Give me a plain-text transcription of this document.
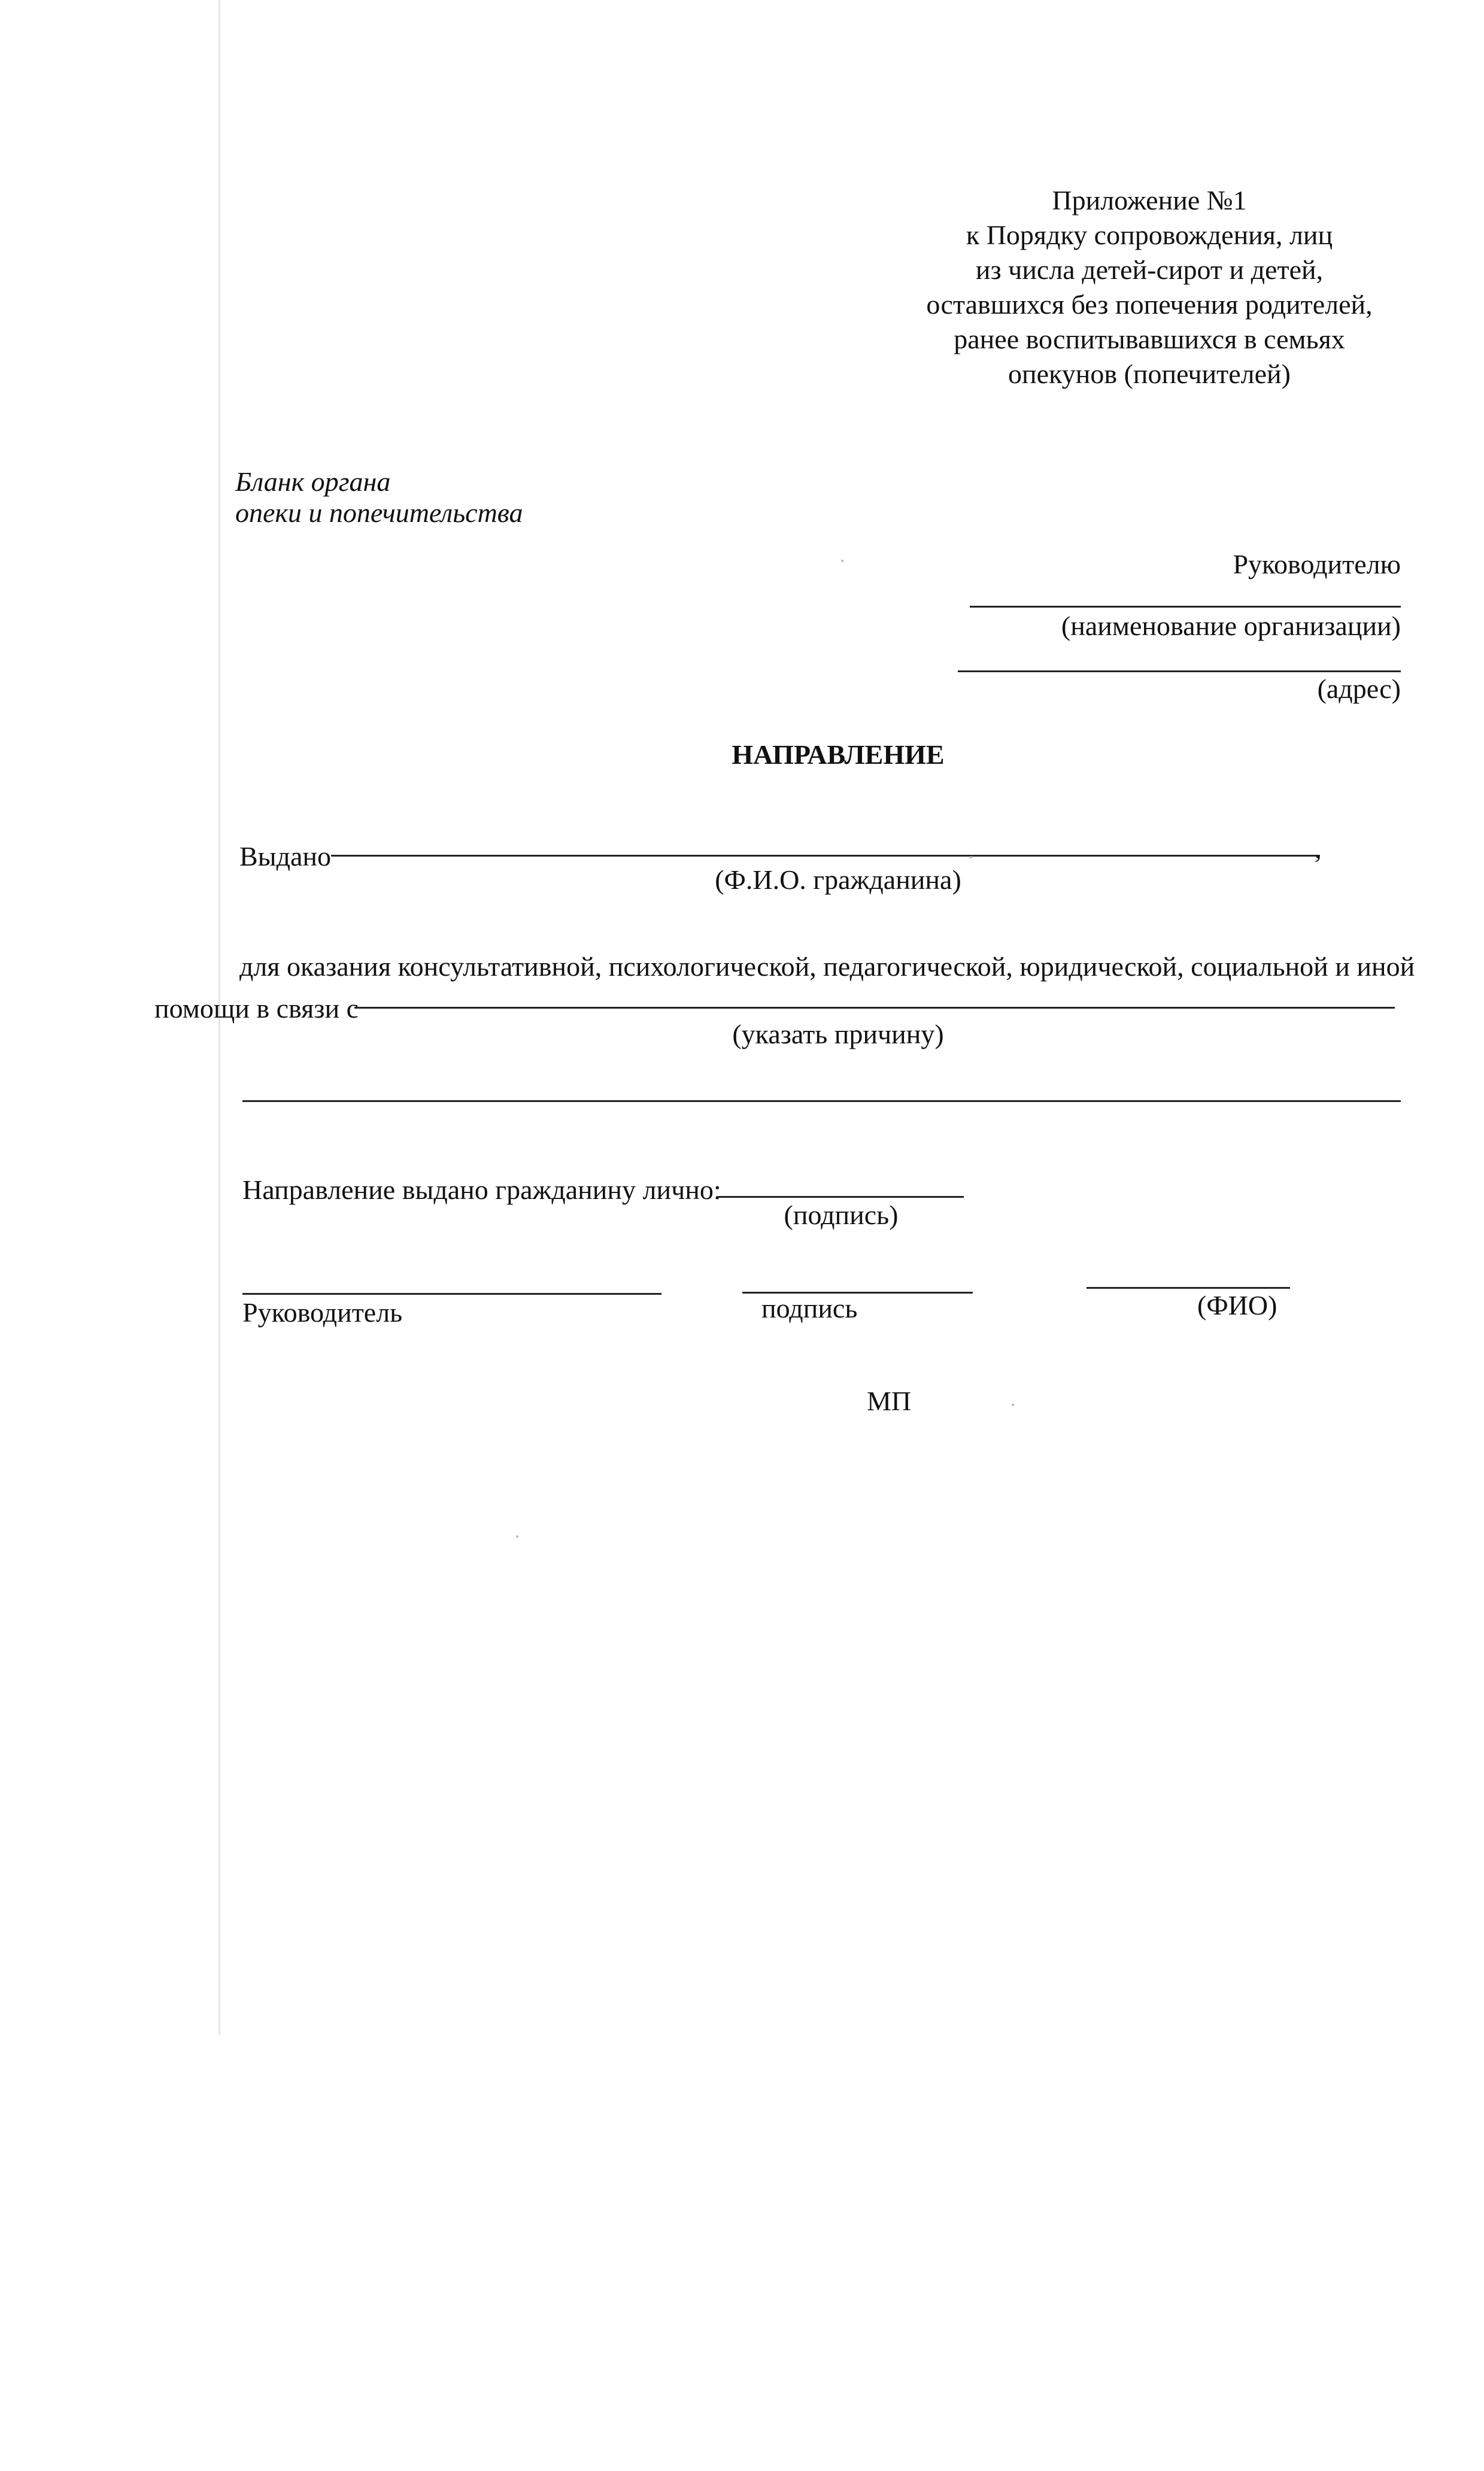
Приложение №1
к Порядку сопровождения, лиц
из числа детей-сирот и детей,
оставшихся без попечения родителей,
ранее воспитывавшихся в семьях
опекунов (попечителей)
Бланк органа
опеки и попечительства
Руководителю
(наименование организации)
(адрес)
НАПРАВЛЕНИЕ
Выдано	,
(Ф.И.О. гражданина)
для оказания консультативной, психологической, педагогической, юридической, социальной и иной
помощи в связи с
(указать причину)
Направление выдано гражданину лично:
(подпись)
Руководитель	подпись	(ФИО)
МП
